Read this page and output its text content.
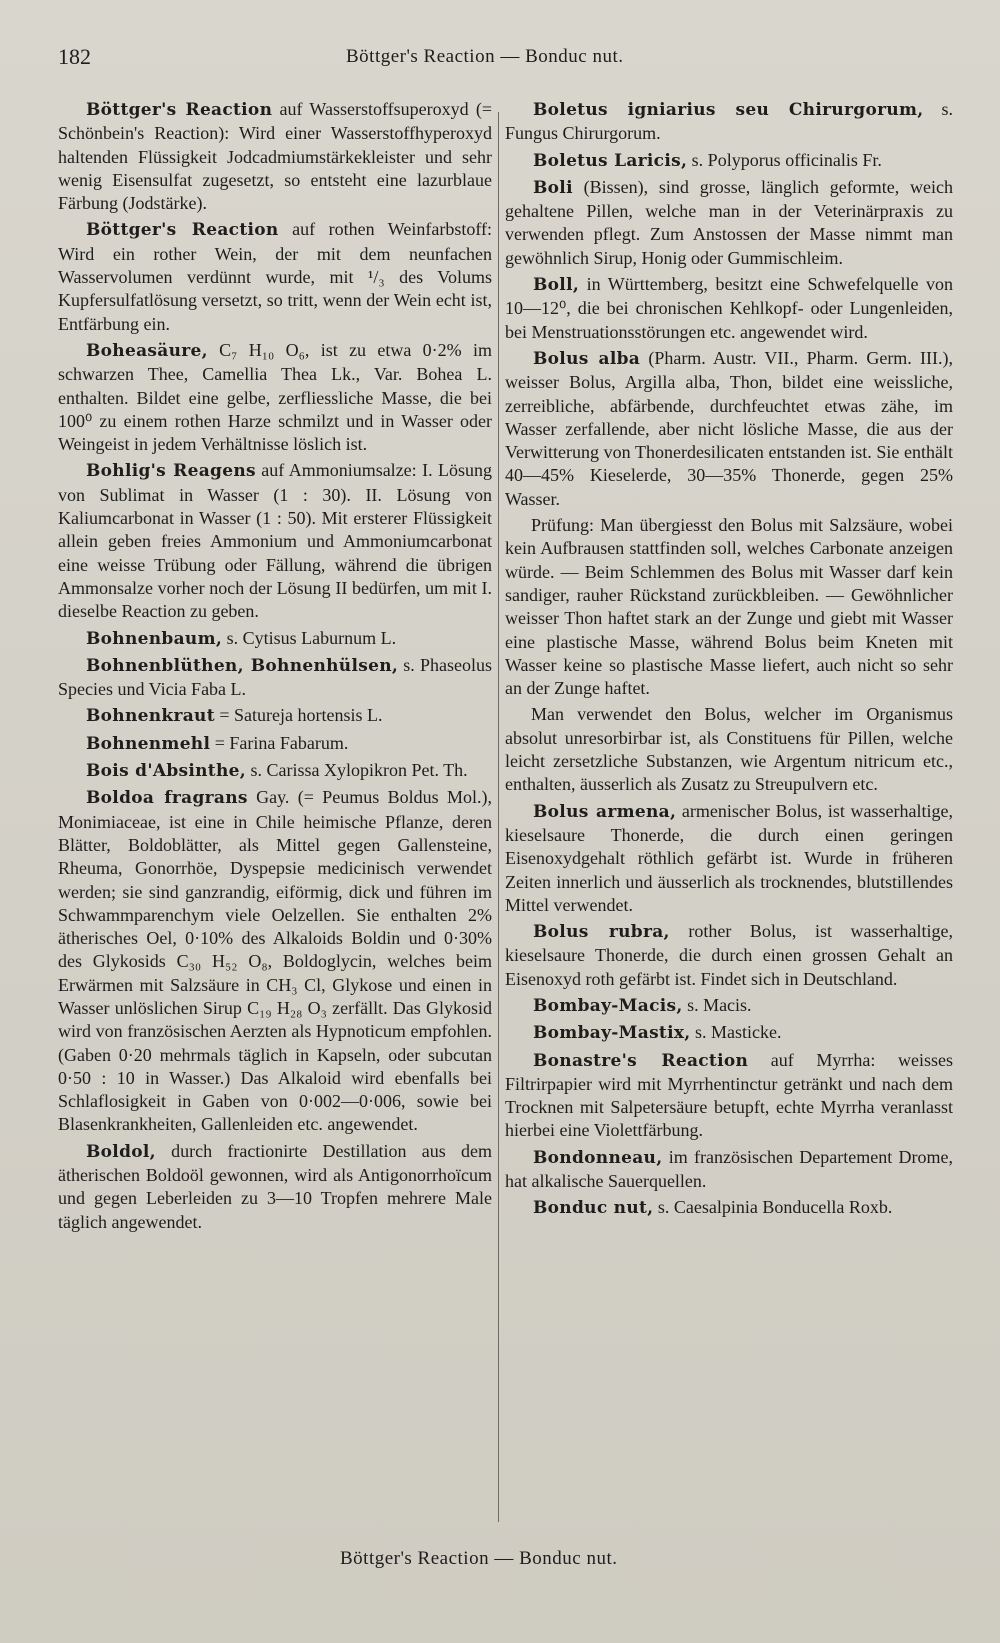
182	Böttger's Reaction — Bonduc nut.

Böttger's Reaction auf Wasserstoffsuperoxyd (= Schönbein's Reaction): Wird einer Wasserstoffhyperoxyd haltenden Flüssigkeit Jodcadmiumstärkekleister und sehr wenig Eisensulfat zugesetzt, so entsteht eine lazurblaue Färbung (Jodstärke).

Böttger's Reaction auf rothen Weinfarbstoff: Wird ein rother Wein, der mit dem neunfachen Wasservolumen verdünnt wurde, mit ¹/₃ des Volums Kupfersulfatlösung versetzt, so tritt, wenn der Wein echt ist, Entfärbung ein.

Boheasäure, C₇ H₁₀ O₆, ist zu etwa 0·2% im schwarzen Thee, Camellia Thea Lk., Var. Bohea L. enthalten. Bildet eine gelbe, zerfliessliche Masse, die bei 100⁰ zu einem rothen Harze schmilzt und in Wasser oder Weingeist in jedem Verhältnisse löslich ist.

Bohlig's Reagens auf Ammoniumsalze: I. Lösung von Sublimat in Wasser (1 : 30). II. Lösung von Kaliumcarbonat in Wasser (1 : 50). Mit ersterer Flüssigkeit allein geben freies Ammonium und Ammoniumcarbonat eine weisse Trübung oder Fällung, während die übrigen Ammonsalze vorher noch der Lösung II bedürfen, um mit I. dieselbe Reaction zu geben.

Bohnenbaum, s. Cytisus Laburnum L.

Bohnenblüthen, Bohnenhülsen, s. Phaseolus Species und Vicia Faba L.

Bohnenkraut = Satureja hortensis L.

Bohnenmehl = Farina Fabarum.

Bois d'Absinthe, s. Carissa Xylopikron Pet. Th.

Boldoa fragrans Gay. (= Peumus Boldus Mol.), Monimiaceae, ist eine in Chile heimische Pflanze, deren Blätter, Boldoblätter, als Mittel gegen Gallensteine, Rheuma, Gonorrhöe, Dyspepsie medicinisch verwendet werden; sie sind ganzrandig, eiförmig, dick und führen im Schwammparenchym viele Oelzellen. Sie enthalten 2% ätherisches Oel, 0·10% des Alkaloids Boldin und 0·30% des Glykosids C₃₀ H₅₂ O₈, Boldoglycin, welches beim Erwärmen mit Salzsäure in CH₃ Cl, Glykose und einen in Wasser unlöslichen Sirup C₁₉ H₂₈ O₃ zerfällt. Das Glykosid wird von französischen Aerzten als Hypnoticum empfohlen. (Gaben 0·20 mehrmals täglich in Kapseln, oder subcutan 0·50 : 10 in Wasser.) Das Alkaloid wird ebenfalls bei Schlaflosigkeit in Gaben von 0·002—0·006, sowie bei Blasenkrankheiten, Gallenleiden etc. angewendet.

Boldol, durch fractionirte Destillation aus dem ätherischen Boldoöl gewonnen, wird als Antigonorrhoïcum und gegen Leberleiden zu 3—10 Tropfen mehrere Male täglich angewendet.

Boletus igniarius seu Chirurgorum, s. Fungus Chirurgorum.

Boletus Laricis, s. Polyporus officinalis Fr.

Boli (Bissen), sind grosse, länglich geformte, weich gehaltene Pillen, welche man in der Veterinärpraxis zu verwenden pflegt. Zum Anstossen der Masse nimmt man gewöhnlich Sirup, Honig oder Gummischleim.

Boll, in Württemberg, besitzt eine Schwefelquelle von 10—12⁰, die bei chronischen Kehlkopf- oder Lungenleiden, bei Menstruationsstörungen etc. angewendet wird.

Bolus alba (Pharm. Austr. VII., Pharm. Germ. III.), weisser Bolus, Argilla alba, Thon, bildet eine weissliche, zerreibliche, abfärbende, durchfeuchtet etwas zähe, im Wasser zerfallende, aber nicht lösliche Masse, die aus der Verwitterung von Thonerdesilicaten entstanden ist. Sie enthält 40—45% Kieselerde, 30—35% Thonerde, gegen 25% Wasser.

Prüfung: Man übergiesst den Bolus mit Salzsäure, wobei kein Aufbrausen stattfinden soll, welches Carbonate anzeigen würde. — Beim Schlemmen des Bolus mit Wasser darf kein sandiger, rauher Rückstand zurückbleiben. — Gewöhnlicher weisser Thon haftet stark an der Zunge und giebt mit Wasser eine plastische Masse, während Bolus beim Kneten mit Wasser keine so plastische Masse liefert, auch nicht so sehr an der Zunge haftet.

Man verwendet den Bolus, welcher im Organismus absolut unresorbirbar ist, als Constituens für Pillen, welche leicht zersetzliche Substanzen, wie Argentum nitricum etc., enthalten, äusserlich als Zusatz zu Streupulvern etc.

Bolus armena, armenischer Bolus, ist wasserhaltige, kieselsaure Thonerde, die durch einen geringen Eisenoxydgehalt röthlich gefärbt ist. Wurde in früheren Zeiten innerlich und äusserlich als trocknendes, blutstillendes Mittel verwendet.

Bolus rubra, rother Bolus, ist wasserhaltige, kieselsaure Thonerde, die durch einen grossen Gehalt an Eisenoxyd roth gefärbt ist. Findet sich in Deutschland.

Bombay-Macis, s. Macis.

Bombay-Mastix, s. Masticke.

Bonastre's Reaction auf Myrrha: weisses Filtrirpapier wird mit Myrrhentinctur getränkt und nach dem Trocknen mit Salpetersäure betupft, echte Myrrha veranlasst hierbei eine Violettfärbung.

Bondonneau, im französischen Departement Drome, hat alkalische Sauerquellen.

Bonduc nut, s. Caesalpinia Bonducella Roxb.

Böttger's Reaction — Bonduc nut.
